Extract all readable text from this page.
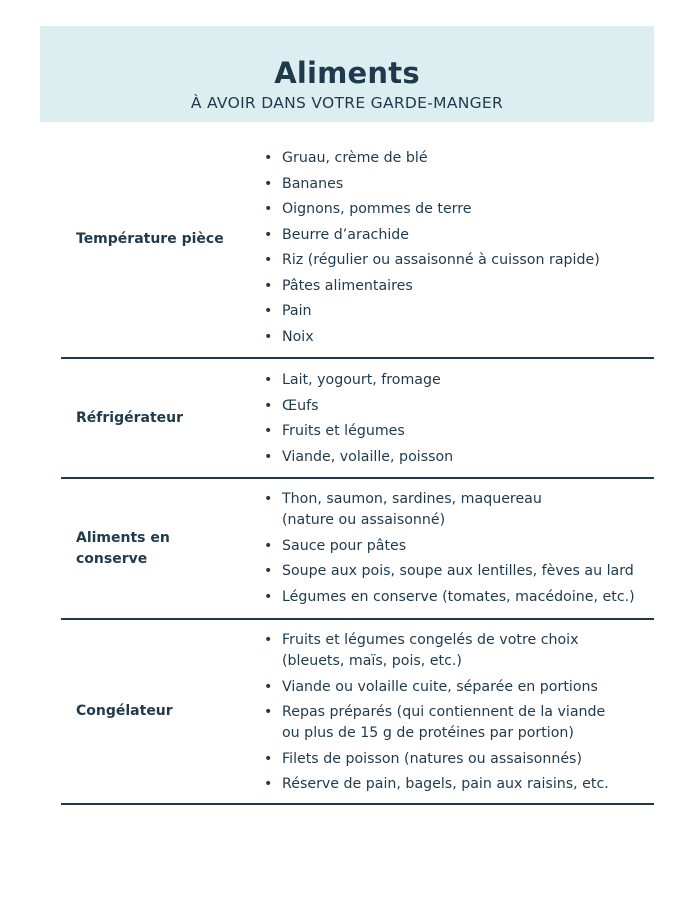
Aliments
À AVOIR DANS VOTRE GARDE-MANGER
Température pièce
• Gruau, crème de blé
• Bananes
• Oignons, pommes de terre
• Beurre d’arachide
• Riz (régulier ou assaisonné à cuisson rapide)
• Pâtes alimentaires
• Pain
• Noix
Réfrigérateur
• Lait, yogourt, fromage
• Œufs
• Fruits et légumes
• Viande, volaille, poisson
Aliments en conserve
• Thon, saumon, sardines, maquereau
(nature ou assaisonné)
• Sauce pour pâtes
• Soupe aux pois, soupe aux lentilles, fèves au lard
• Légumes en conserve (tomates, macédoine, etc.)
Congélateur
• Fruits et légumes congelés de votre choix
(bleuets, maïs, pois, etc.)
• Viande ou volaille cuite, séparée en portions
• Repas préparés (qui contiennent de la viande
ou plus de 15 g de protéines par portion)
• Filets de poisson (natures ou assaisonnés)
• Réserve de pain, bagels, pain aux raisins, etc.
